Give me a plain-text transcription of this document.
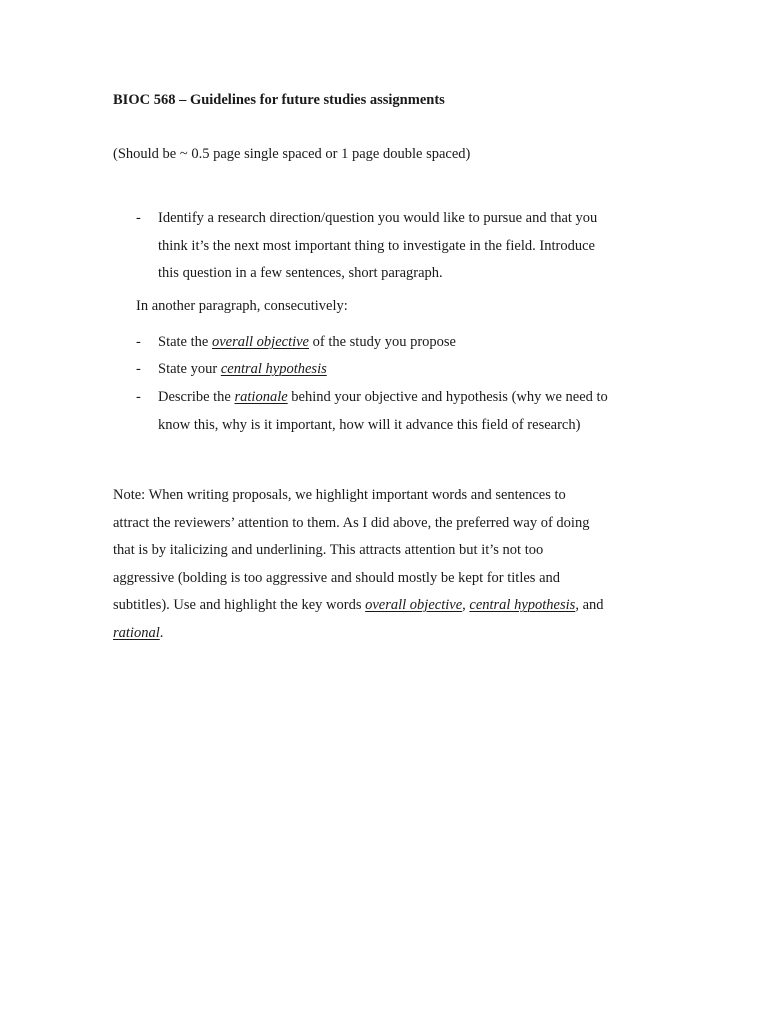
BIOC 568 – Guidelines for future studies assignments
(Should be ~ 0.5 page single spaced or 1 page double spaced)
- Identify a research direction/question you would like to pursue and that you
think it’s the next most important thing to investigate in the field. Introduce
this question in a few sentences, short paragraph.
In another paragraph, consecutively:
- State the overall objective of the study you propose
- State your central hypothesis
- Describe the rationale behind your objective and hypothesis (why we need to
know this, why is it important, how will it advance this field of research)
Note: When writing proposals, we highlight important words and sentences to
attract the reviewers’ attention to them. As I did above, the preferred way of doing
that is by italicizing and underlining. This attracts attention but it’s not too
aggressive (bolding is too aggressive and should mostly be kept for titles and
subtitles). Use and highlight the key words overall objective, central hypothesis, and
rational.
